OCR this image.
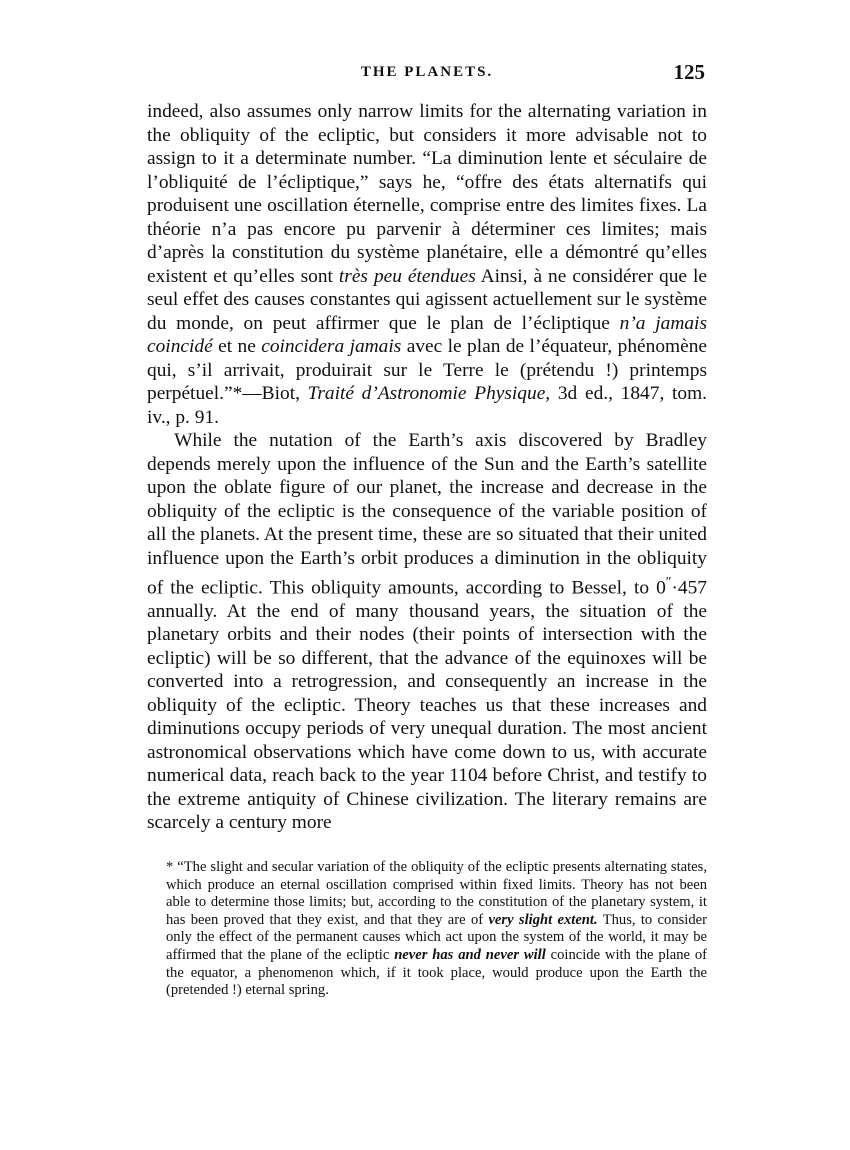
THE PLANETS.	125

indeed, also assumes only narrow limits for the alternating variation in the obliquity of the ecliptic, but considers it more advisable not to assign to it a determinate number. “La diminution lente et séculaire de l’obliquité de l’écliptique,” says he, “offre des états alternatifs qui produisent une oscillation éternelle, comprise entre des limites fixes. La théorie n’a pas encore pu parvenir à déterminer ces limites; mais d’après la constitution du système planétaire, elle a démontré qu’elles existent et qu’elles sont très peu étendues Ainsi, à ne considérer que le seul effet des causes constantes qui agissent actuellement sur le système du monde, on peut affirmer que le plan de l’écliptique n’a jamais coincidé et ne coincidera jamais avec le plan de l’équateur, phénomène qui, s’il arrivait, produirait sur le Terre le (prétendu !) printemps perpétuel.”*—Biot, Traité d’Astronomie Physique, 3d ed., 1847, tom. iv., p. 91.

While the nutation of the Earth’s axis discovered by Bradley depends merely upon the influence of the Sun and the Earth’s satellite upon the oblate figure of our planet, the increase and decrease in the obliquity of the ecliptic is the consequence of the variable position of all the planets. At the present time, these are so situated that their united influence upon the Earth’s orbit produces a diminution in the obliquity of the ecliptic. This obliquity amounts, according to Bessel, to 0″·457 annually. At the end of many thousand years, the situation of the planetary orbits and their nodes (their points of intersection with the ecliptic) will be so different, that the advance of the equinoxes will be converted into a retrogression, and consequently an increase in the obliquity of the ecliptic. Theory teaches us that these increases and diminutions occupy periods of very unequal duration. The most ancient astronomical observations which have come down to us, with accurate numerical data, reach back to the year 1104 before Christ, and testify to the extreme antiquity of Chinese civilization. The literary remains are scarcely a century more

* “The slight and secular variation of the obliquity of the ecliptic presents alternating states, which produce an eternal oscillation comprised within fixed limits. Theory has not been able to determine those limits; but, according to the constitution of the planetary system, it has been proved that they exist, and that they are of very slight extent. Thus, to consider only the effect of the permanent causes which act upon the system of the world, it may be affirmed that the plane of the ecliptic never has and never will coincide with the plane of the equator, a phenomenon which, if it took place, would produce upon the Earth the (pretended !) eternal spring.
